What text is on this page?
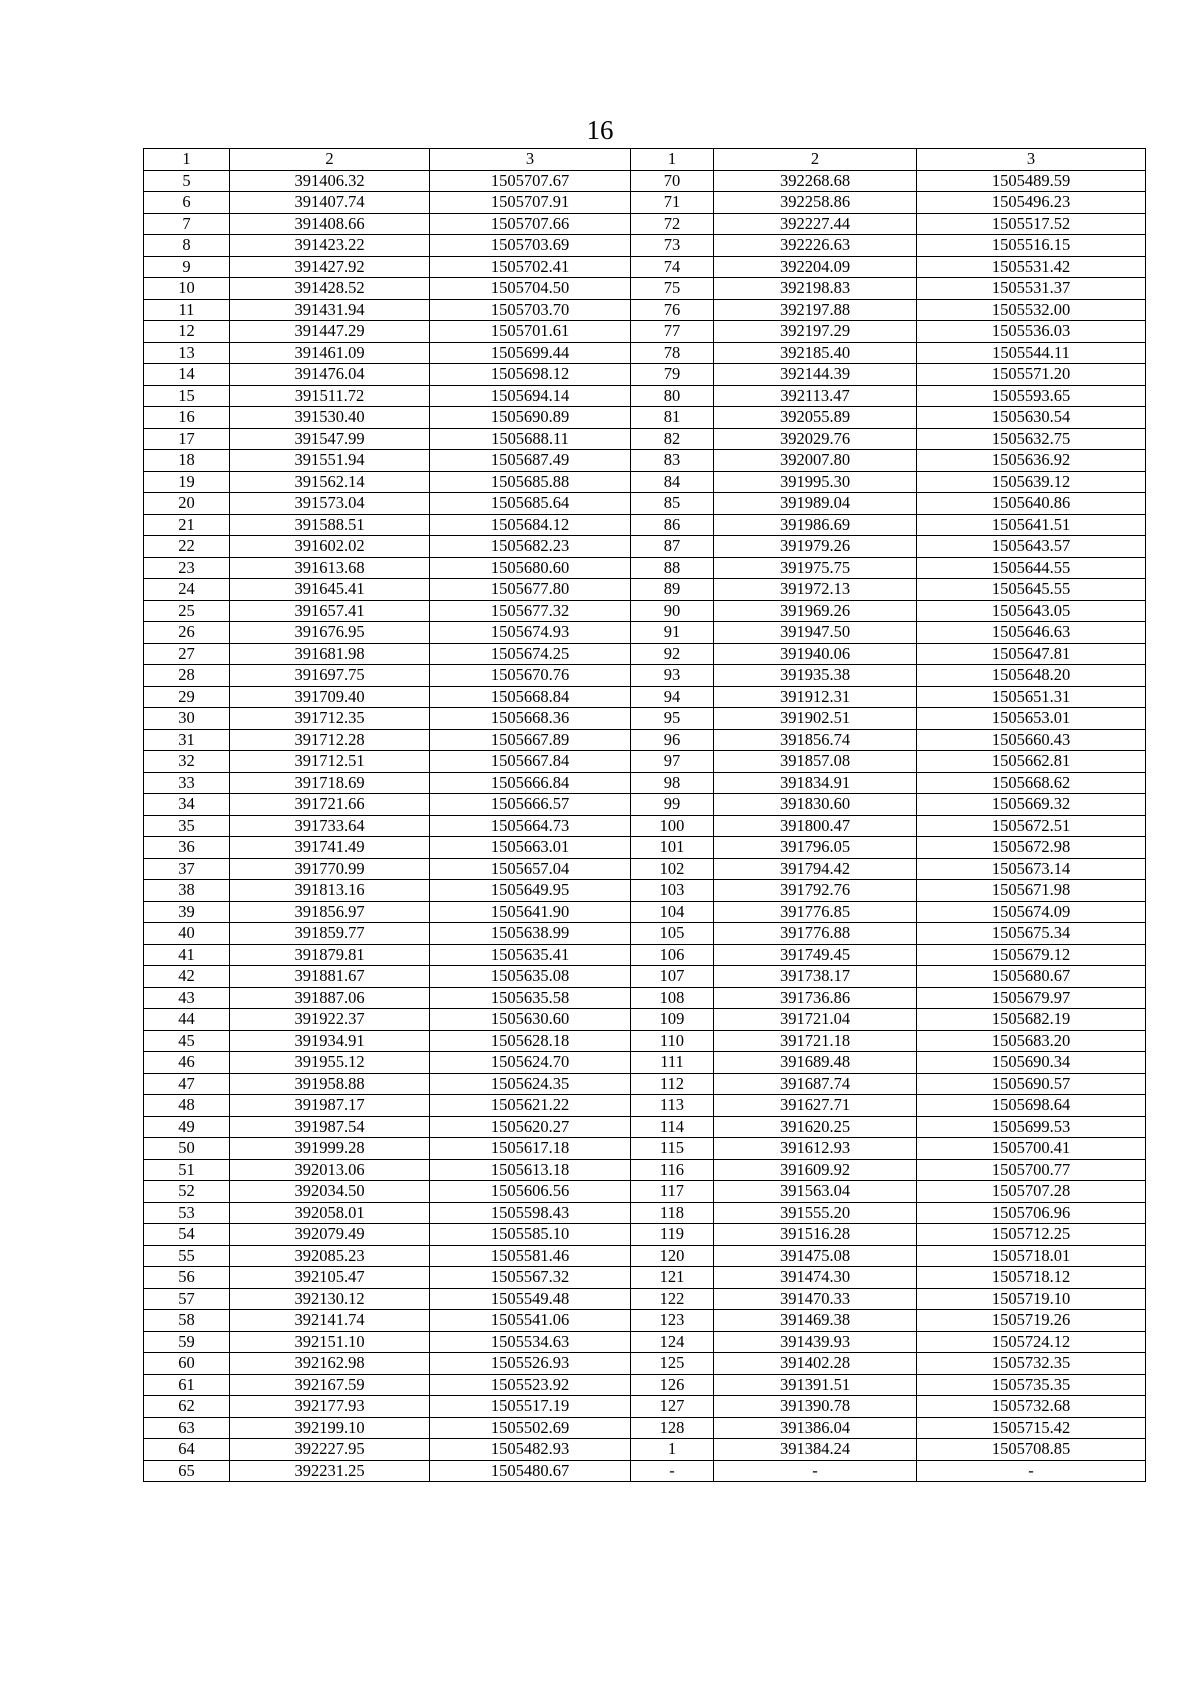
16
1	2	3	1	2	3
5	391406.32	1505707.67	70	392268.68	1505489.59
6	391407.74	1505707.91	71	392258.86	1505496.23
7	391408.66	1505707.66	72	392227.44	1505517.52
8	391423.22	1505703.69	73	392226.63	1505516.15
9	391427.92	1505702.41	74	392204.09	1505531.42
10	391428.52	1505704.50	75	392198.83	1505531.37
11	391431.94	1505703.70	76	392197.88	1505532.00
12	391447.29	1505701.61	77	392197.29	1505536.03
13	391461.09	1505699.44	78	392185.40	1505544.11
14	391476.04	1505698.12	79	392144.39	1505571.20
15	391511.72	1505694.14	80	392113.47	1505593.65
16	391530.40	1505690.89	81	392055.89	1505630.54
17	391547.99	1505688.11	82	392029.76	1505632.75
18	391551.94	1505687.49	83	392007.80	1505636.92
19	391562.14	1505685.88	84	391995.30	1505639.12
20	391573.04	1505685.64	85	391989.04	1505640.86
21	391588.51	1505684.12	86	391986.69	1505641.51
22	391602.02	1505682.23	87	391979.26	1505643.57
23	391613.68	1505680.60	88	391975.75	1505644.55
24	391645.41	1505677.80	89	391972.13	1505645.55
25	391657.41	1505677.32	90	391969.26	1505643.05
26	391676.95	1505674.93	91	391947.50	1505646.63
27	391681.98	1505674.25	92	391940.06	1505647.81
28	391697.75	1505670.76	93	391935.38	1505648.20
29	391709.40	1505668.84	94	391912.31	1505651.31
30	391712.35	1505668.36	95	391902.51	1505653.01
31	391712.28	1505667.89	96	391856.74	1505660.43
32	391712.51	1505667.84	97	391857.08	1505662.81
33	391718.69	1505666.84	98	391834.91	1505668.62
34	391721.66	1505666.57	99	391830.60	1505669.32
35	391733.64	1505664.73	100	391800.47	1505672.51
36	391741.49	1505663.01	101	391796.05	1505672.98
37	391770.99	1505657.04	102	391794.42	1505673.14
38	391813.16	1505649.95	103	391792.76	1505671.98
39	391856.97	1505641.90	104	391776.85	1505674.09
40	391859.77	1505638.99	105	391776.88	1505675.34
41	391879.81	1505635.41	106	391749.45	1505679.12
42	391881.67	1505635.08	107	391738.17	1505680.67
43	391887.06	1505635.58	108	391736.86	1505679.97
44	391922.37	1505630.60	109	391721.04	1505682.19
45	391934.91	1505628.18	110	391721.18	1505683.20
46	391955.12	1505624.70	111	391689.48	1505690.34
47	391958.88	1505624.35	112	391687.74	1505690.57
48	391987.17	1505621.22	113	391627.71	1505698.64
49	391987.54	1505620.27	114	391620.25	1505699.53
50	391999.28	1505617.18	115	391612.93	1505700.41
51	392013.06	1505613.18	116	391609.92	1505700.77
52	392034.50	1505606.56	117	391563.04	1505707.28
53	392058.01	1505598.43	118	391555.20	1505706.96
54	392079.49	1505585.10	119	391516.28	1505712.25
55	392085.23	1505581.46	120	391475.08	1505718.01
56	392105.47	1505567.32	121	391474.30	1505718.12
57	392130.12	1505549.48	122	391470.33	1505719.10
58	392141.74	1505541.06	123	391469.38	1505719.26
59	392151.10	1505534.63	124	391439.93	1505724.12
60	392162.98	1505526.93	125	391402.28	1505732.35
61	392167.59	1505523.92	126	391391.51	1505735.35
62	392177.93	1505517.19	127	391390.78	1505732.68
63	392199.10	1505502.69	128	391386.04	1505715.42
64	392227.95	1505482.93	1	391384.24	1505708.85
65	392231.25	1505480.67	-	-	-
